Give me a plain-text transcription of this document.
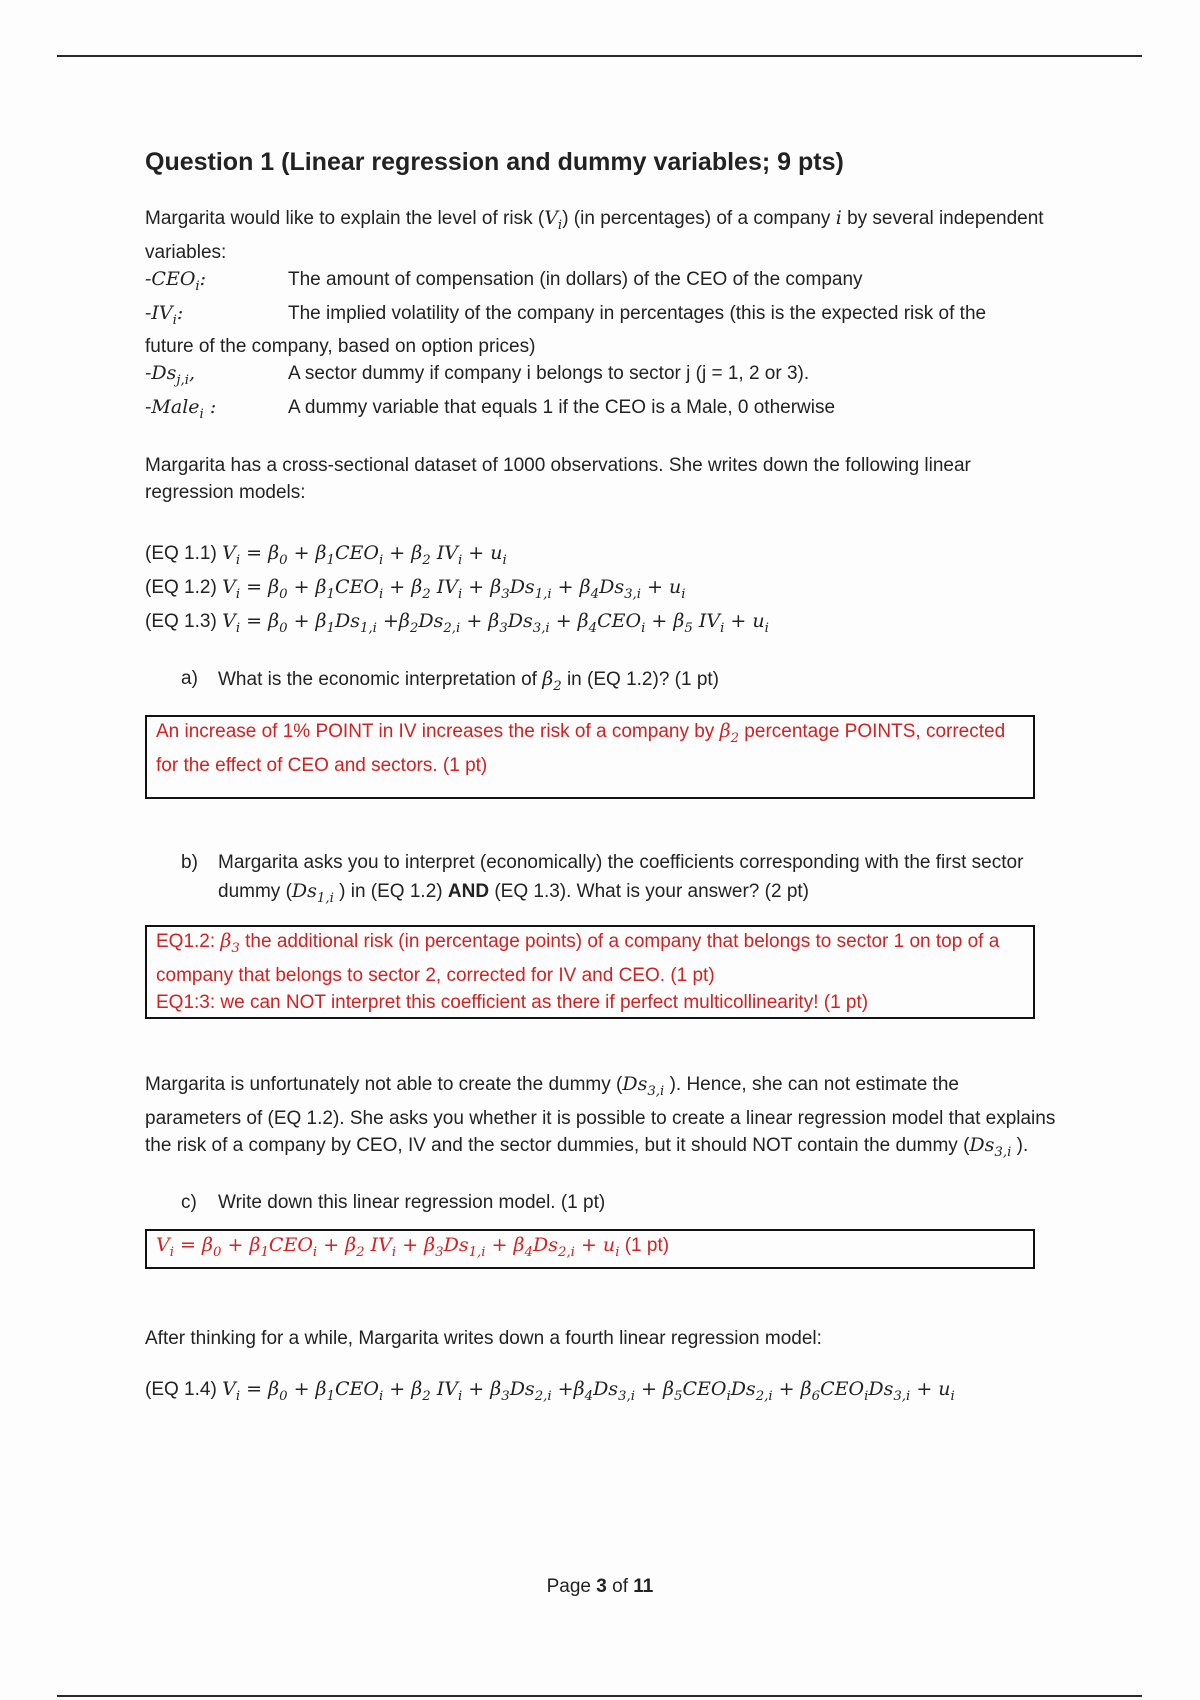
Question 1 (Linear regression and dummy variables; 9 pts)

Margarita would like to explain the level of risk $(V_i)$ (in percentages) of a company i by several independent variables:

$-CEO_i$:	The amount of compensation (in dollars) of the CEO of the company
$-IV_i$:	The implied volatility of the company in percentages (this is the expected risk of the

future of the company, based on option prices)

$-Ds_{j,i}$,	A sector dummy if company i belongs to sector j (j = 1, 2 or 3).
-Male$_i$ :	A dummy variable that equals 1 if the CEO is a Male, 0 otherwise

Margarita has a cross-sectional dataset of 1000 observations. She writes down the following linear regression models:

(EQ 1.1) $V_i = \beta_0 + \beta_1CEO_i + \beta_2$ $IV_i + u_i$
(EQ 1.2) $V_i = \beta_0 + \beta_1CEO_i + \beta_2$ $IV_i + \beta_3Ds_{1,i} + \beta_4Ds_{3,i} + u_i$
(EQ 1.3) $V_i = \beta_0 + \beta_1Ds_{1,i} +\beta_2Ds_{2,i} + \beta_3Ds_{3,i} + \beta_4CEO_i + \beta_5$ $IV_i + u_i$
a)	What is the economic interpretation of $\beta_2$ in (EQ 1.2)? (1 pt)
An increase of 1% POINT in IV increases the risk of a company by $\beta_2$ percentage POINTS, corrected for the effect of CEO and sectors. (1 pt)
b)	Margarita asks you to interpret (economically) the coefficients corresponding with the first sector dummy ($Ds_{1,i}$ ) in (EQ 1.2) AND (EQ 1.3). What is your answer? (2 pt)
EQ1.2: $\beta_3$ the additional risk (in percentage points) of a company that belongs to sector 1 on top of a company that belongs to sector 2, corrected for IV and CEO. (1 pt)
EQ1:3: we can NOT interpret this coefficient as there if perfect multicollinearity! (1 pt)

Margarita is unfortunately not able to create the dummy ($Ds_{3,i}$ ). Hence, she can not estimate the parameters of (EQ 1.2). She asks you whether it is possible to create a linear regression model that explains the risk of a company by CEO, IV and the sector dummies, but it should NOT contain the dummy ($Ds_{3,i}$ ).

c)	Write down this linear regression model. (1 pt)
$V_i = \beta_0 + \beta_1CEO_i + \beta_2$ $IV_i + \beta_3Ds_{1,i} + \beta_4Ds_{2,i} + u_i$ (1 pt)

After thinking for a while, Margarita writes down a fourth linear regression model:

(EQ 1.4) $V_i = \beta_0 + \beta_1CEO_i + \beta_2$ $IV_i + \beta_3Ds_{2,i} +\beta_4Ds_{3,i} + \beta_5CEO_iDs_{2,i} + \beta_6CEO_iDs_{3,i} + u_i$
Page 3 of 11
